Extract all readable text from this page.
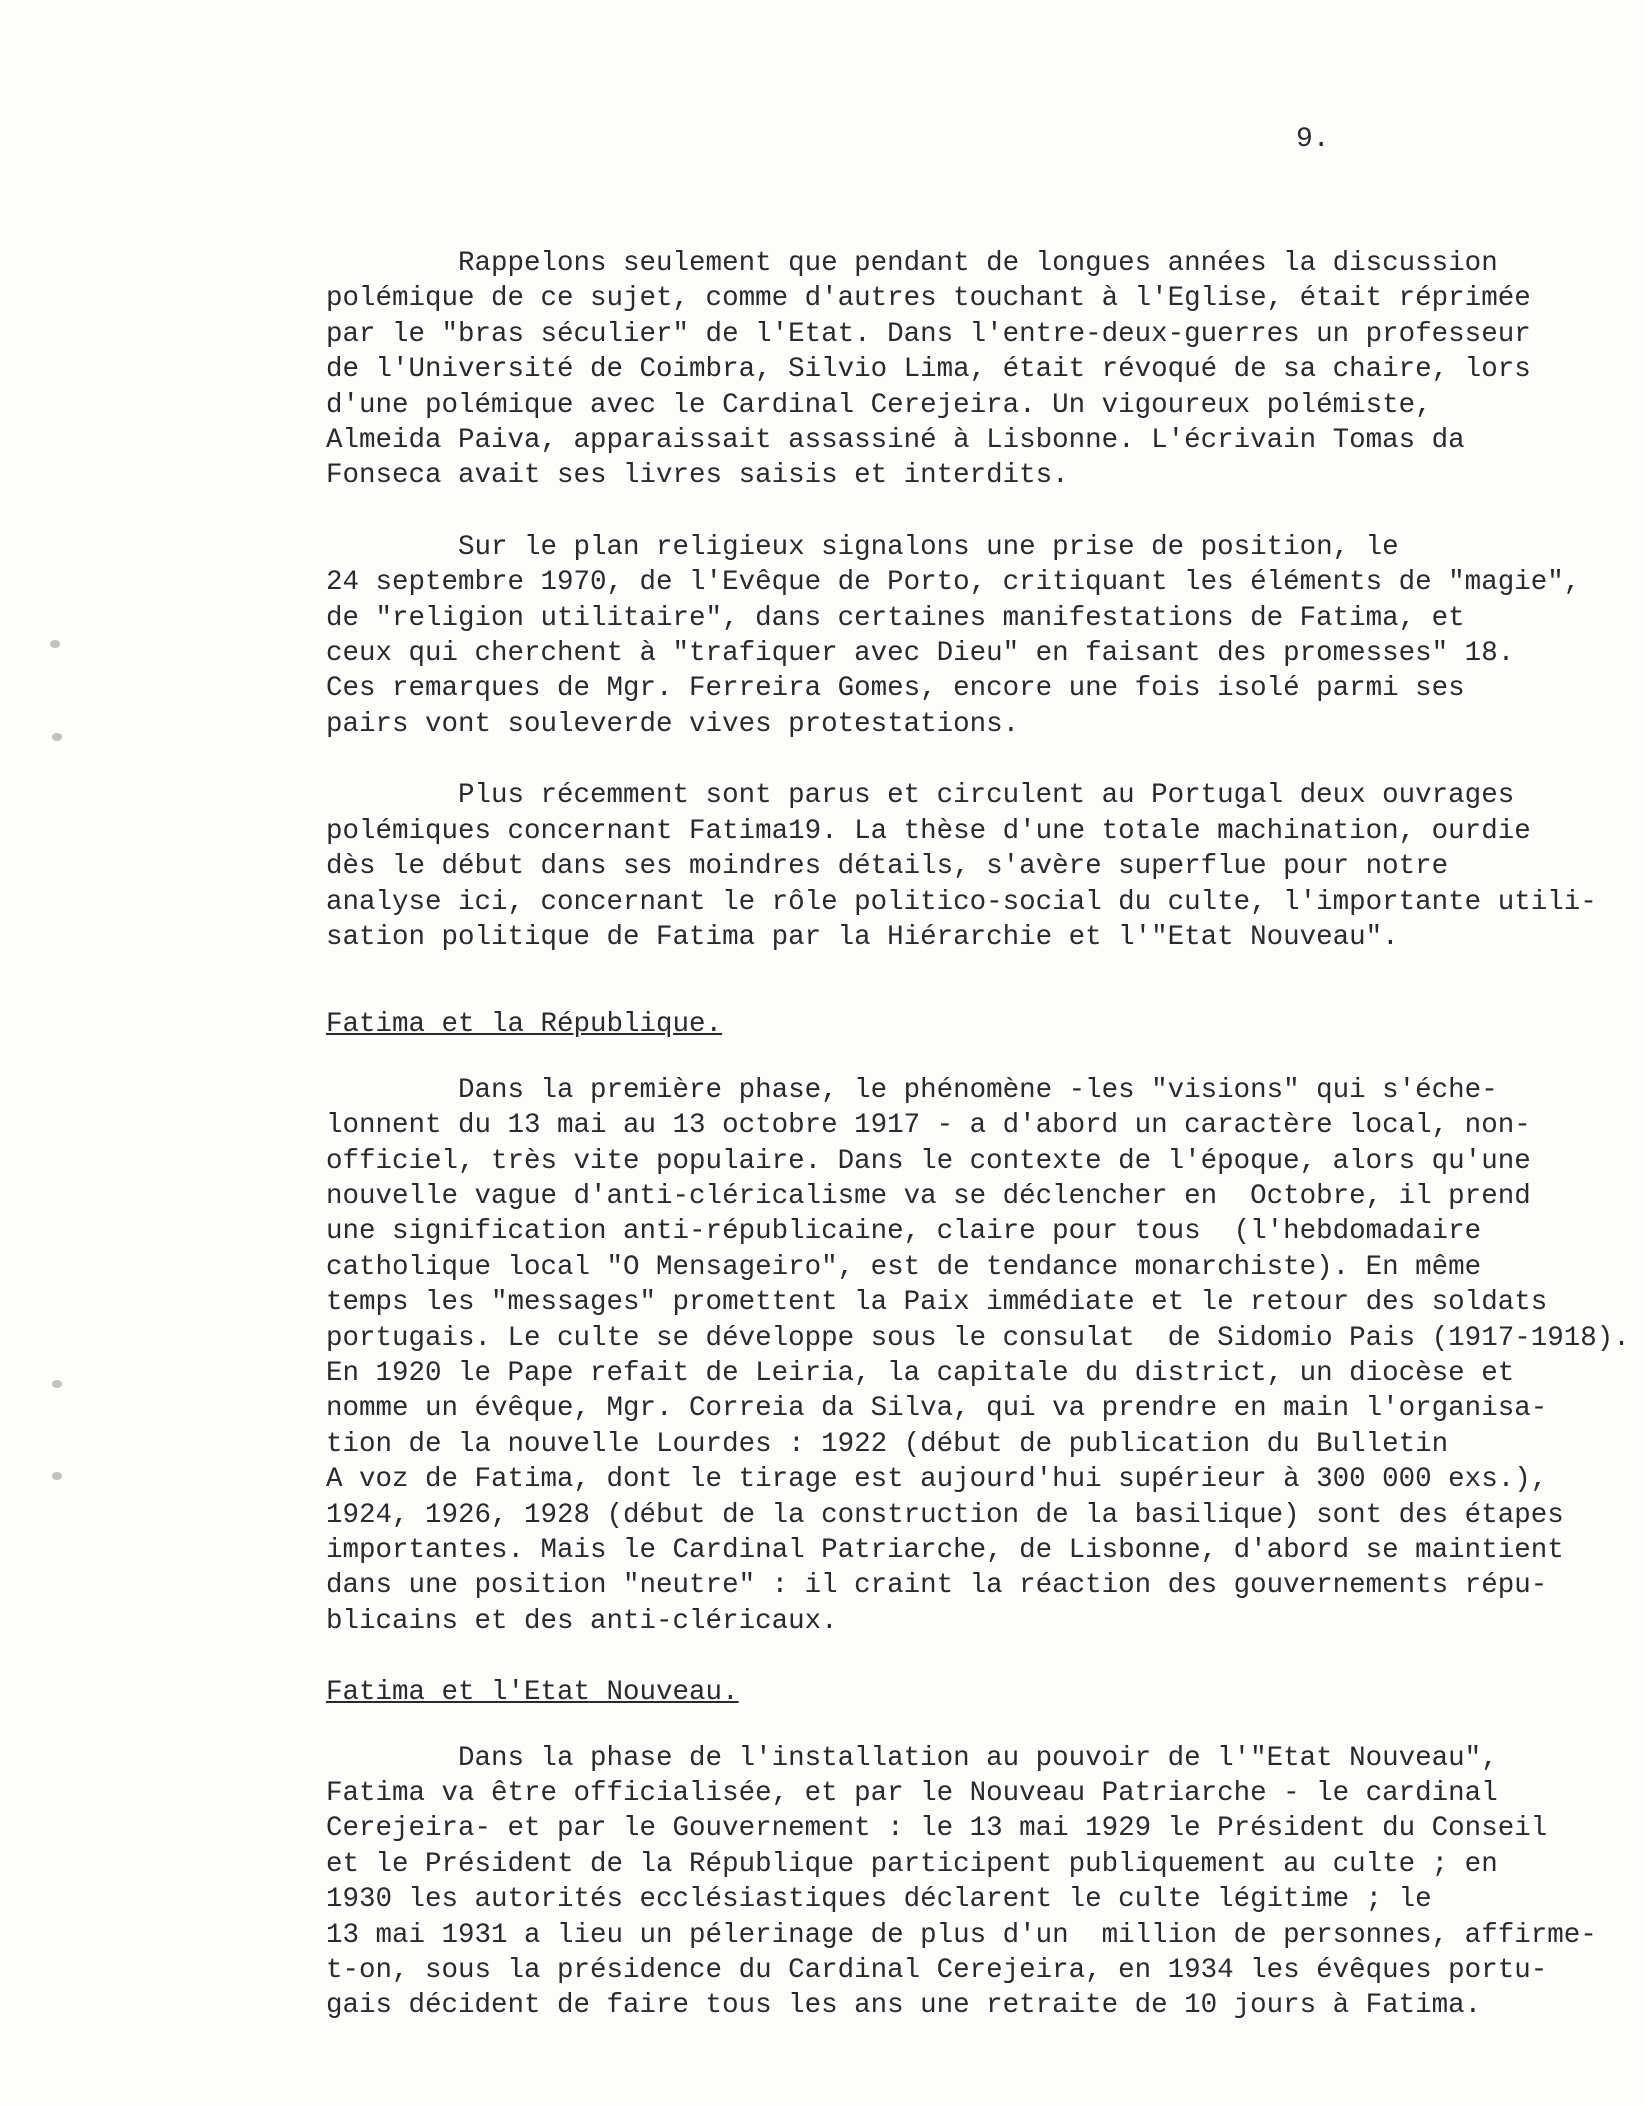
9.

Rappelons seulement que pendant de longues années la discussion

polémique de ce sujet, comme d'autres touchant à l'Eglise, était réprimée

par le "bras séculier" de l'Etat. Dans l'entre-deux-guerres un professeur

de l'Université de Coimbra, Silvio Lima, était révoqué de sa chaire, lors

d'une polémique avec le Cardinal Cerejeira. Un vigoureux polémiste,

Almeida Paiva, apparaissait assassiné à Lisbonne. L'écrivain Tomas da

Fonseca avait ses livres saisis et interdits.

Sur le plan religieux signalons une prise de position, le

24 septembre 1970, de l'Evêque de Porto, critiquant les éléments de "magie",

de "religion utilitaire", dans certaines manifestations de Fatima, et

ceux qui cherchent à "trafiquer avec Dieu" en faisant des promesses" 18.

Ces remarques de Mgr. Ferreira Gomes, encore une fois isolé parmi ses

pairs vont souleverde vives protestations.

Plus récemment sont parus et circulent au Portugal deux ouvrages

polémiques concernant Fatima19. La thèse d'une totale machination, ourdie

dès le début dans ses moindres détails, s'avère superflue pour notre

analyse ici, concernant le rôle politico-social du culte, l'importante utili-

sation politique de Fatima par la Hiérarchie et l'"Etat Nouveau".

Fatima et la République.

Dans la première phase, le phénomène -les "visions" qui s'éche-

lonnent du 13 mai au 13 octobre 1917 - a d'abord un caractère local, non-

officiel, très vite populaire. Dans le contexte de l'époque, alors qu'une

nouvelle vague d'anti-cléricalisme va se déclencher en  Octobre, il prend

une signification anti-républicaine, claire pour tous  (l'hebdomadaire

catholique local "O Mensageiro", est de tendance monarchiste). En même

temps les "messages" promettent la Paix immédiate et le retour des soldats

portugais. Le culte se développe sous le consulat  de Sidomio Pais (1917-1918).

En 1920 le Pape refait de Leiria, la capitale du district, un diocèse et

nomme un évêque, Mgr. Correia da Silva, qui va prendre en main l'organisa-

tion de la nouvelle Lourdes : 1922 (début de publication du Bulletin

A voz de Fatima, dont le tirage est aujourd'hui supérieur à 300 000 exs.),

1924, 1926, 1928 (début de la construction de la basilique) sont des étapes

importantes. Mais le Cardinal Patriarche, de Lisbonne, d'abord se maintient

dans une position "neutre" : il craint la réaction des gouvernements répu-

blicains et des anti-cléricaux.

Fatima et l'Etat Nouveau.

Dans la phase de l'installation au pouvoir de l'"Etat Nouveau",

Fatima va être officialisée, et par le Nouveau Patriarche - le cardinal

Cerejeira- et par le Gouvernement : le 13 mai 1929 le Président du Conseil

et le Président de la République participent publiquement au culte ; en

1930 les autorités ecclésiastiques déclarent le culte légitime ; le

13 mai 1931 a lieu un pélerinage de plus d'un  million de personnes, affirme-

t-on, sous la présidence du Cardinal Cerejeira, en 1934 les évêques portu-

gais décident de faire tous les ans une retraite de 10 jours à Fatima.
